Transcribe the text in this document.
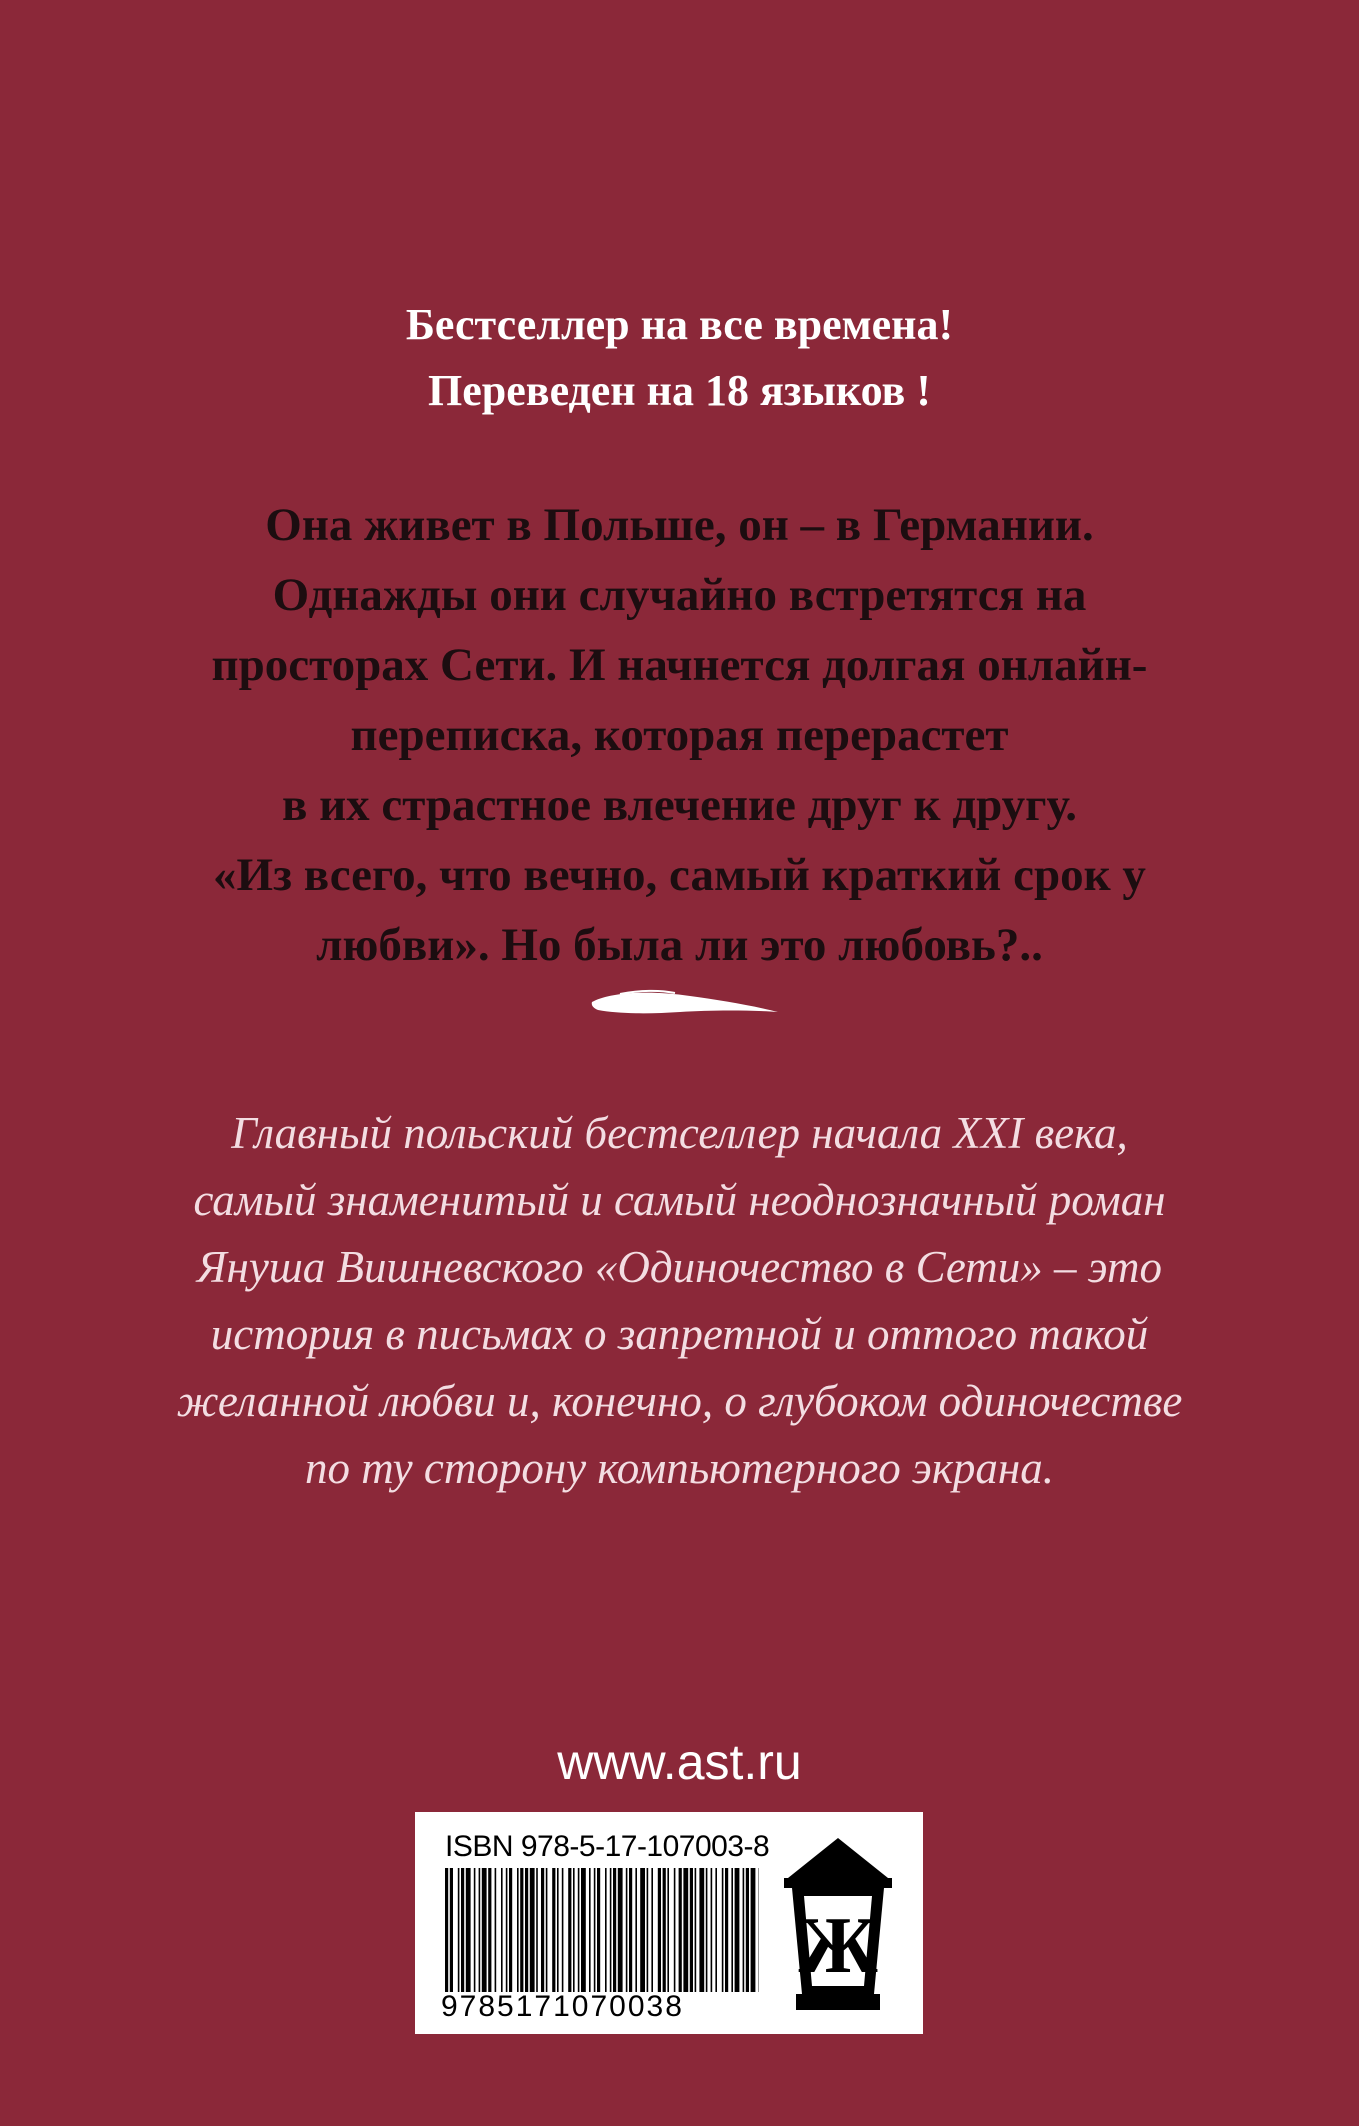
Бестселлер на все времена!
Переведен на 18 языков !
Она живет в Польше, он – в Германии.
Однажды они случайно встретятся на
просторах Сети. И начнется долгая онлайн-
переписка, которая перерастет
в их страстное влечение друг к другу.
«Из всего, что вечно, самый краткий срок у
любви». Но была ли это любовь?..
Главный польский бестселлер начала XXI века,
самый знаменитый и самый неоднозначный роман
Януша Вишневского «Одиночество в Сети» – это
история в письмах о запретной и оттого такой
желанной любви и, конечно, о глубоком одиночестве
по ту сторону компьютерного экрана.
www.ast.ru
ISBN 978-5-17-107003-8
9785171070038
Ж
